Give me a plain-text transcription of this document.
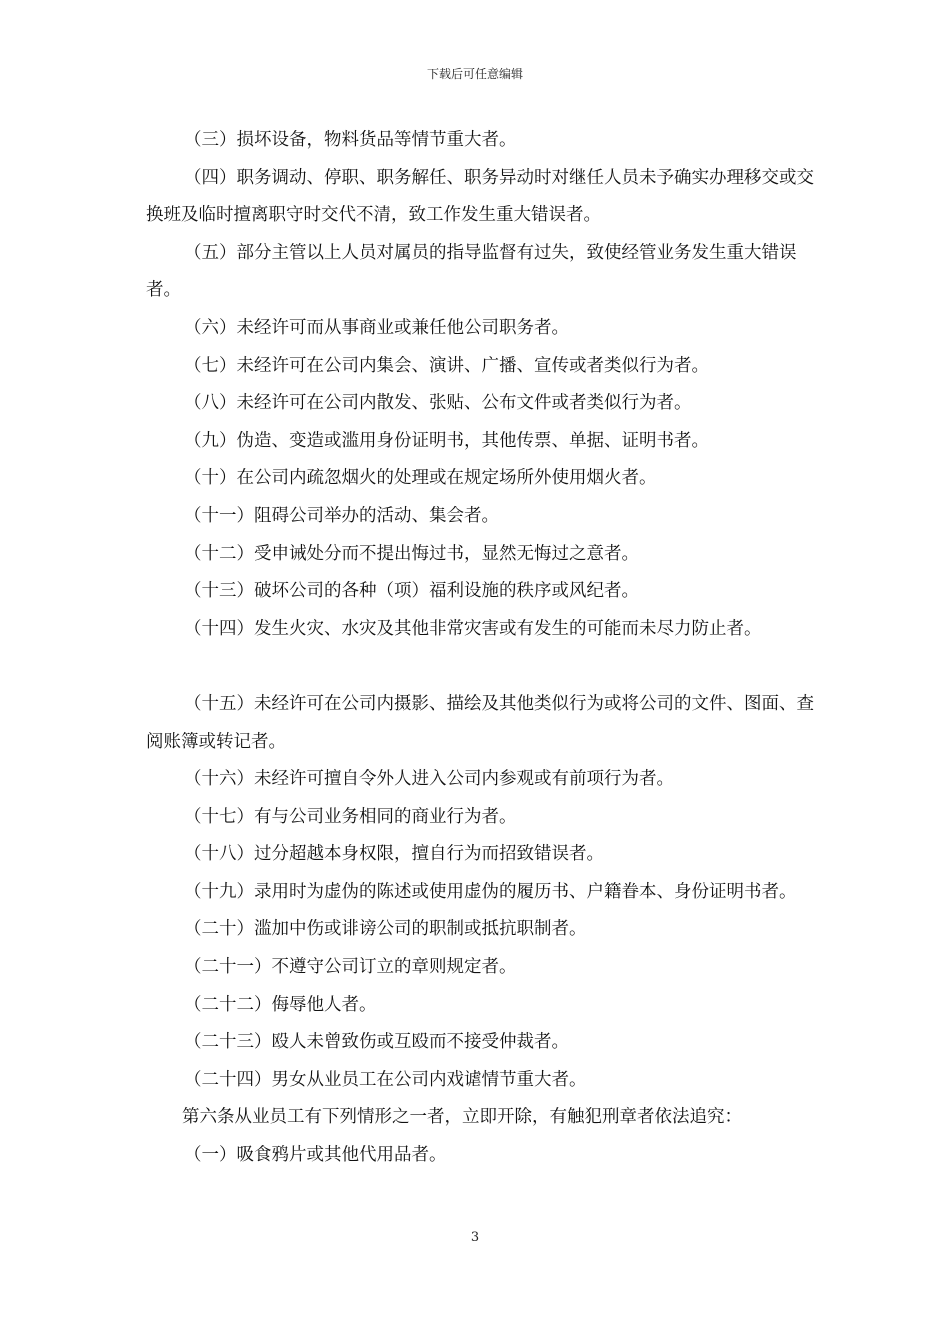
下载后可任意编辑

（三）损坏设备，物料货品等情节重大者。

（四）职务调动、停职、职务解任、职务异动时对继任人员未予确实办理移交或交换班及临时擅离职守时交代不清，致工作发生重大错误者。

（五）部分主管以上人员对属员的指导监督有过失，致使经管业务发生重大错误者。

（六）未经许可而从事商业或兼任他公司职务者。

（七）未经许可在公司内集会、演讲、广播、宣传或者类似行为者。

（八）未经许可在公司内散发、张贴、公布文件或者类似行为者。

（九）伪造、变造或滥用身份证明书，其他传票、单据、证明书者。

（十）在公司内疏忽烟火的处理或在规定场所外使用烟火者。

（十一）阻碍公司举办的活动、集会者。

（十二）受申诫处分而不提出悔过书，显然无悔过之意者。

（十三）破坏公司的各种（项）福利设施的秩序或风纪者。

（十四）发生火灾、水灾及其他非常灾害或有发生的可能而未尽力防止者。

（十五）未经许可在公司内摄影、描绘及其他类似行为或将公司的文件、图面、查阅账簿或转记者。

（十六）未经许可擅自令外人进入公司内参观或有前项行为者。

（十七）有与公司业务相同的商业行为者。

（十八）过分超越本身权限，擅自行为而招致错误者。

（十九）录用时为虚伪的陈述或使用虚伪的履历书、户籍眷本、身份证明书者。

（二十）滥加中伤或诽谤公司的职制或抵抗职制者。

（二十一）不遵守公司订立的章则规定者。

（二十二）侮辱他人者。

（二十三）殴人未曾致伤或互殴而不接受仲裁者。

（二十四）男女从业员工在公司内戏谑情节重大者。

第六条从业员工有下列情形之一者，立即开除，有触犯刑章者依法追究：

（一）吸食鸦片或其他代用品者。

3
